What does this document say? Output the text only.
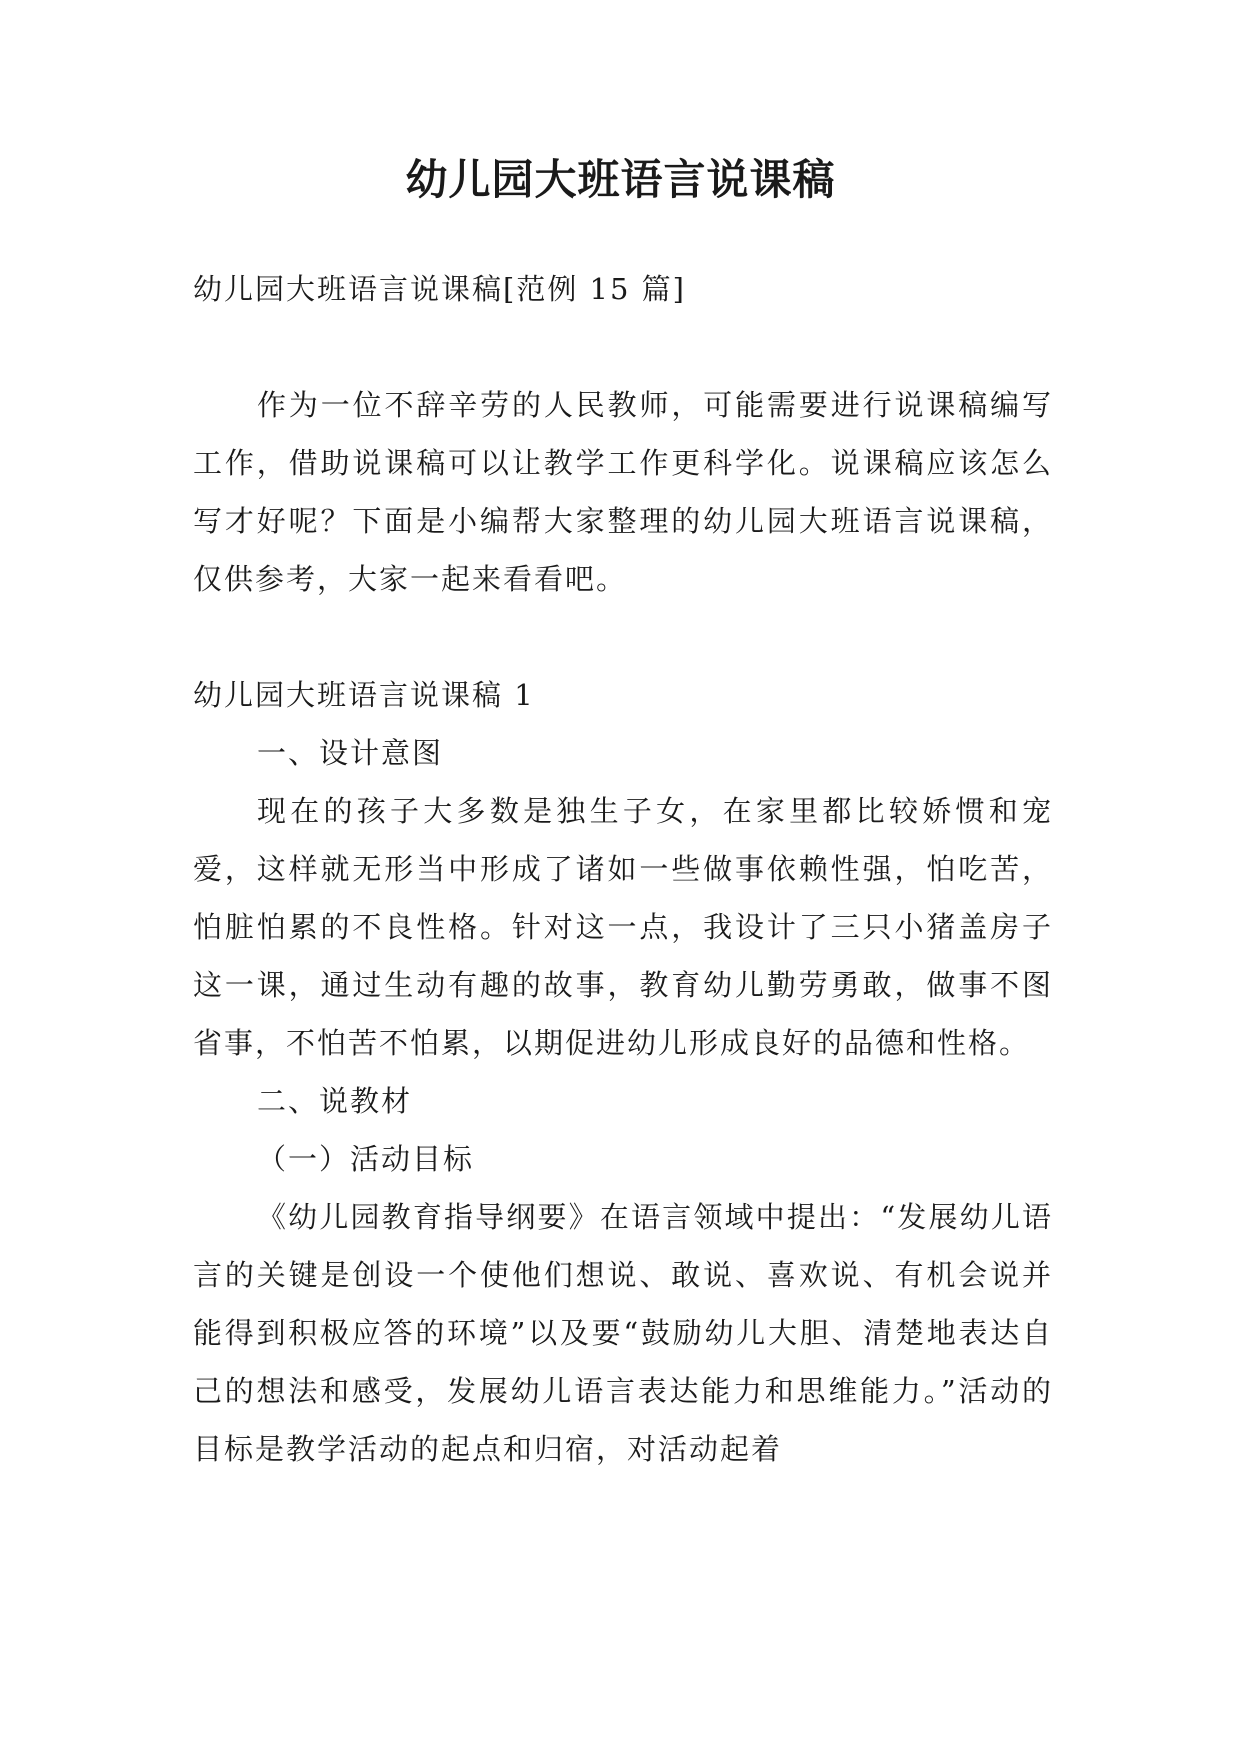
幼儿园大班语言说课稿

幼儿园大班语言说课稿[范例 15 篇]

作为一位不辞辛劳的人民教师，可能需要进行说课稿编写工作，借助说课稿可以让教学工作更科学化。说课稿应该怎么写才好呢？下面是小编帮大家整理的幼儿园大班语言说课稿，仅供参考，大家一起来看看吧。

幼儿园大班语言说课稿 1

一、设计意图

现在的孩子大多数是独生子女，在家里都比较娇惯和宠爱，这样就无形当中形成了诸如一些做事依赖性强，怕吃苦，怕脏怕累的不良性格。针对这一点，我设计了三只小猪盖房子这一课，通过生动有趣的故事，教育幼儿勤劳勇敢，做事不图省事，不怕苦不怕累，以期促进幼儿形成良好的品德和性格。

二、说教材

（一）活动目标

《幼儿园教育指导纲要》在语言领域中提出：“发展幼儿语言的关键是创设一个使他们想说、敢说、喜欢说、有机会说并能得到积极应答的环境”以及要“鼓励幼儿大胆、清楚地表达自己的想法和感受，发展幼儿语言表达能力和思维能力。”活动的目标是教学活动的起点和归宿，对活动起着
